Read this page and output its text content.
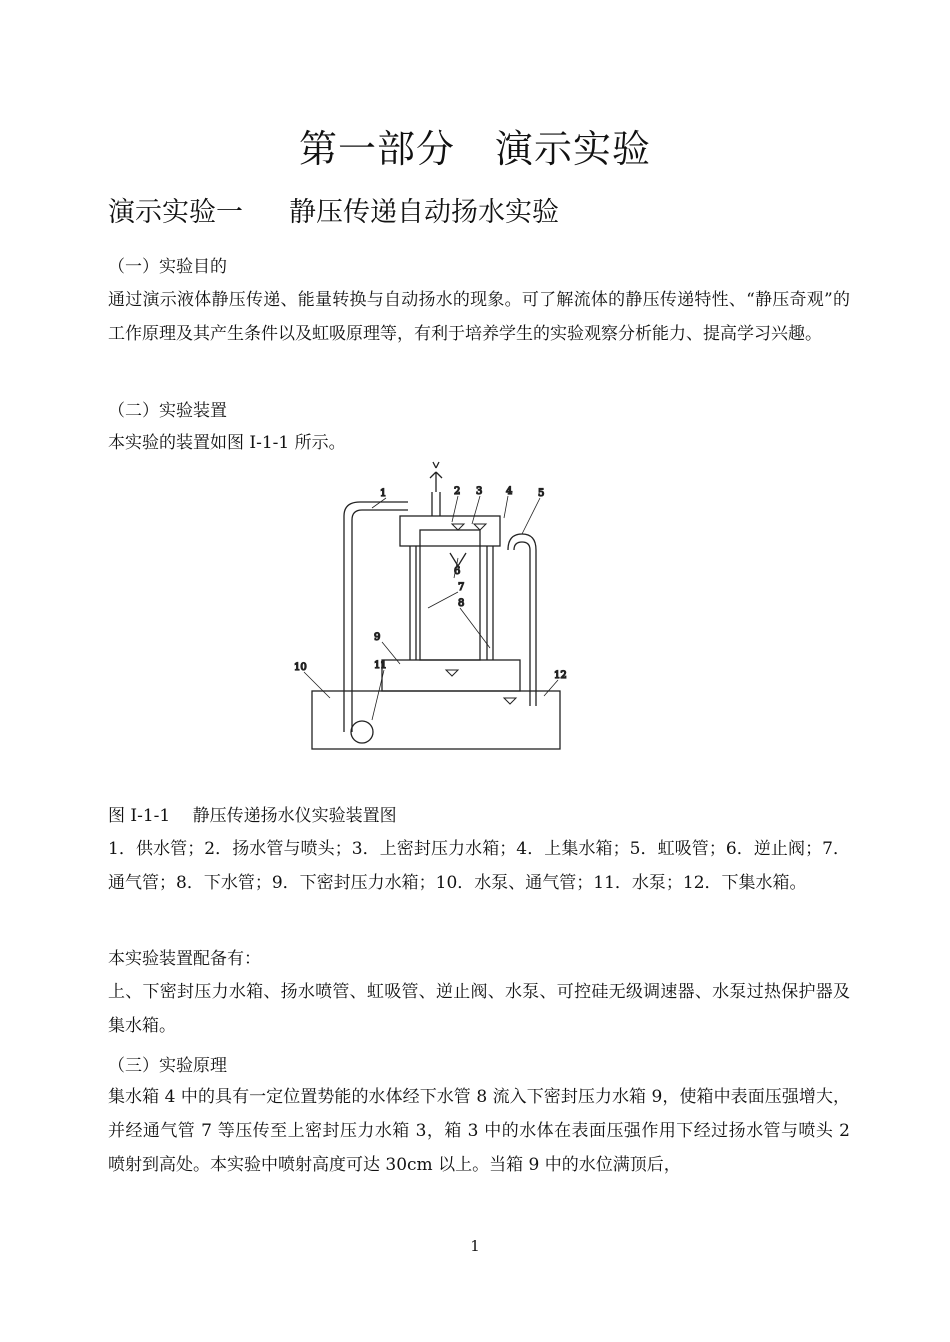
第一部分 演示实验
演示实验一 静压传递自动扬水实验
（一）实验目的
通过演示液体静压传递、能量转换与自动扬水的现象。可了解流体的静压传递特性、“静压奇观”的工作原理及其产生条件以及虹吸原理等，有利于培养学生的实验观察分析能力、提高学习兴趣。
（二）实验装置
本实验的装置如图 I-1-1 所示。
1	2 3 4	5
6
7
8
9
10	11
12
图 I-1-1　 静压传递扬水仪实验装置图
1．供水管；2．扬水管与喷头；3．上密封压力水箱；4．上集水箱；5．虹吸管；6．逆止阀；7．通气管；8．下水管；9．下密封压力水箱；10．水泵、通气管；11．水泵；12．下集水箱。
本实验装置配备有：
上、下密封压力水箱、扬水喷管、虹吸管、逆止阀、水泵、可控硅无级调速器、水泵过热保护器及集水箱。
（三）实验原理
集水箱 4 中的具有一定位置势能的水体经下水管 8 流入下密封压力水箱 9，使箱中表面压强增大，并经通气管 7 等压传至上密封压力水箱 3，箱 3 中的水体在表面压强作用下经过扬水管与喷头 2 喷射到高处。本实验中喷射高度可达 30cm 以上。当箱 9 中的水位满顶后，
1
